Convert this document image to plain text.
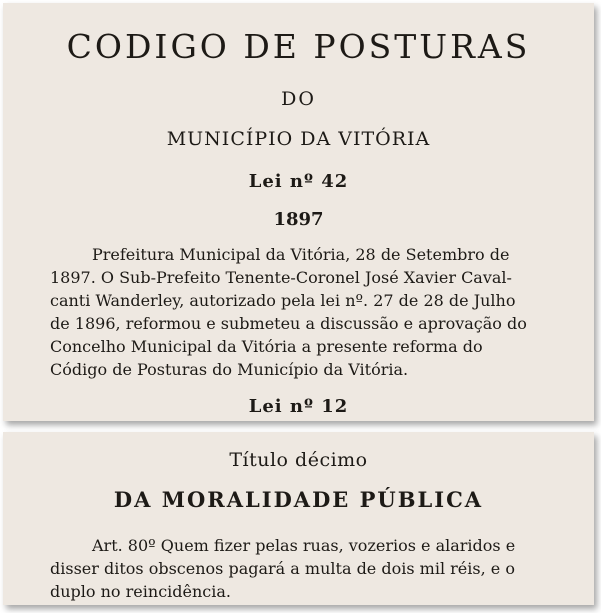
CODIGO DE POSTURAS
DO
MUNICÍPIO DA VITÓRIA
Lei nº 42
1897
Prefeitura Municipal da Vitória, 28 de Setembro de
1897. O Sub-Prefeito Tenente-Coronel José Xavier Caval-
canti Wanderley, autorizado pela lei nº. 27 de 28 de Julho
de 1896, reformou e submeteu a discussão e aprovação do
Concelho Municipal da Vitória a presente reforma do
Código de Posturas do Município da Vitória.
Lei nº 12
Título décimo
DA MORALIDADE PÚBLICA
Art. 80º Quem fizer pelas ruas, vozerios e alaridos e
disser ditos obscenos pagará a multa de dois mil réis, e o
duplo no reincidência.
